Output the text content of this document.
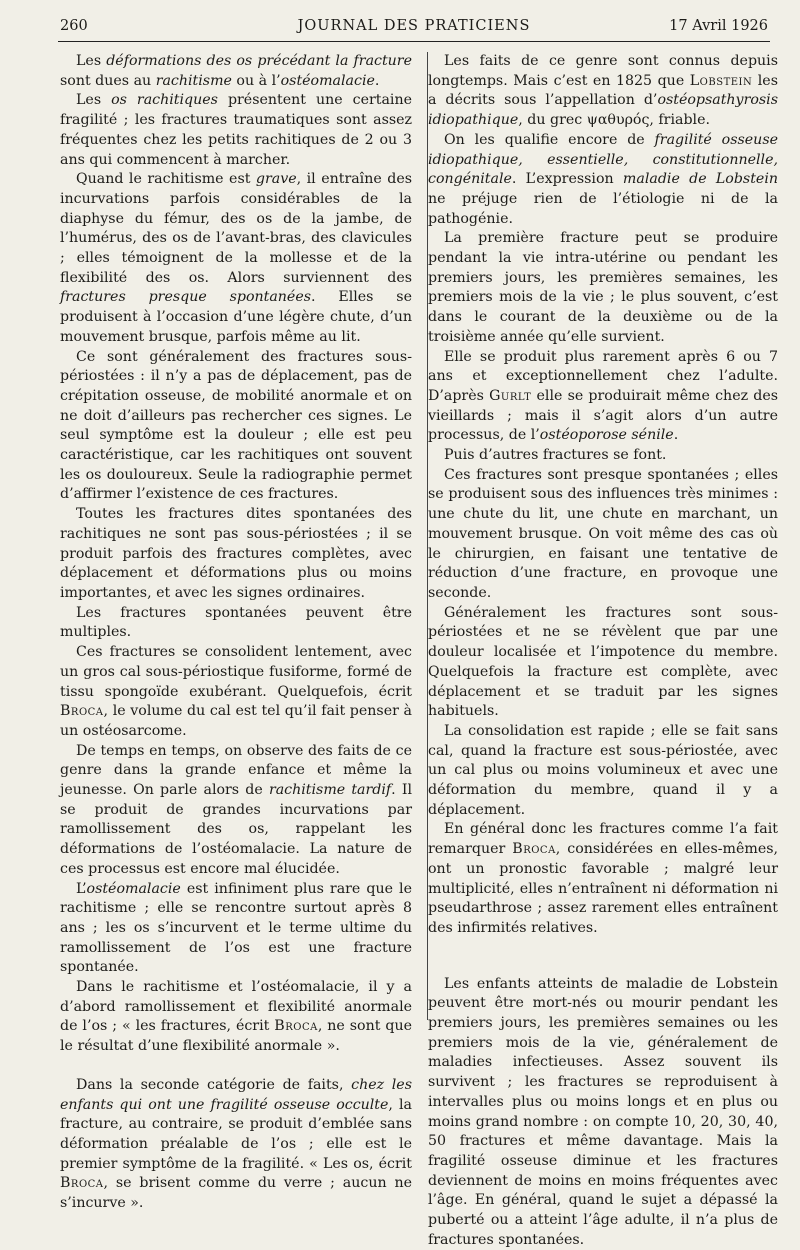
260	JOURNAL DES PRATICIENS	17 Avril 1926

Les déformations des os précédant la fracture sont dues au rachitisme ou à l’ostéomalacie.

Les os rachitiques présentent une certaine fragilité ; les fractures traumatiques sont assez fréquentes chez les petits rachitiques de 2 ou 3 ans qui commencent à marcher.

Quand le rachitisme est grave, il entraîne des incurvations parfois considérables de la diaphyse du fémur, des os de la jambe, de l’humérus, des os de l’avant-bras, des clavicules ; elles témoignent de la mollesse et de la flexibilité des os. Alors surviennent des fractures presque spontanées. Elles se produisent à l’occasion d’une légère chute, d’un mouvement brusque, parfois même au lit.

Ce sont généralement des fractures sous-périostées : il n’y a pas de déplacement, pas de crépitation osseuse, de mobilité anormale et on ne doit d’ailleurs pas rechercher ces signes. Le seul symptôme est la douleur ; elle est peu caractéristique, car les rachitiques ont souvent les os douloureux. Seule la radiographie permet d’affirmer l’existence de ces fractures.

Toutes les fractures dites spontanées des rachitiques ne sont pas sous-périostées ; il se produit parfois des fractures complètes, avec déplacement et déformations plus ou moins importantes, et avec les signes ordinaires.

Les fractures spontanées peuvent être multiples.

Ces fractures se consolident lentement, avec un gros cal sous-périostique fusiforme, formé de tissu spongoïde exubérant. Quelquefois, écrit Broca, le volume du cal est tel qu’il fait penser à un ostéosarcome.

De temps en temps, on observe des faits de ce genre dans la grande enfance et même la jeunesse. On parle alors de rachitisme tardif. Il se produit de grandes incurvations par ramollissement des os, rappelant les déformations de l’ostéomalacie. La nature de ces processus est encore mal élucidée.

L’ostéomalacie est infiniment plus rare que le rachitisme ; elle se rencontre surtout après 8 ans ; les os s’incurvent et le terme ultime du ramollissement de l’os est une fracture spontanée.

Dans le rachitisme et l’ostéomalacie, il y a d’abord ramollissement et flexibilité anormale de l’os ; « les fractures, écrit Broca, ne sont que le résultat d’une flexibilité anormale ».

Dans la seconde catégorie de faits, chez les enfants qui ont une fragilité osseuse occulte, la fracture, au contraire, se produit d’emblée sans déformation préalable de l’os ; elle est le premier symptôme de la fragilité. « Les os, écrit Broca, se brisent comme du verre ; aucun ne s’incurve ».

Les faits de ce genre sont connus depuis longtemps. Mais c’est en 1825 que Lobstein les a décrits sous l’appellation d’ostéopsathyrosis idiopathique, du grec ψαθυρός, friable.

On les qualifie encore de fragilité osseuse idiopathique, essentielle, constitutionnelle, congénitale. L’expression maladie de Lobstein ne préjuge rien de l’étiologie ni de la pathogénie.

La première fracture peut se produire pendant la vie intra-utérine ou pendant les premiers jours, les premières semaines, les premiers mois de la vie ; le plus souvent, c’est dans le courant de la deuxième ou de la troisième année qu’elle survient.

Elle se produit plus rarement après 6 ou 7 ans et exceptionnellement chez l’adulte. D’après Gurlt elle se produirait même chez des vieillards ; mais il s’agit alors d’un autre processus, de l’ostéoporose sénile.

Puis d’autres fractures se font.

Ces fractures sont presque spontanées ; elles se produisent sous des influences très minimes : une chute du lit, une chute en marchant, un mouvement brusque. On voit même des cas où le chirurgien, en faisant une tentative de réduction d’une fracture, en provoque une seconde.

Généralement les fractures sont sous-périostées et ne se révèlent que par une douleur localisée et l’impotence du membre. Quelquefois la fracture est complète, avec déplacement et se traduit par les signes habituels.

La consolidation est rapide ; elle se fait sans cal, quand la fracture est sous-périostée, avec un cal plus ou moins volumineux et avec une déformation du membre, quand il y a déplacement.

En général donc les fractures comme l’a fait remarquer Broca, considérées en elles-mêmes, ont un pronostic favorable ; malgré leur multiplicité, elles n’entraînent ni déformation ni pseudarthrose ; assez rarement elles entraînent des infirmités relatives.

Les enfants atteints de maladie de Lobstein peuvent être mort-nés ou mourir pendant les premiers jours, les premières semaines ou les premiers mois de la vie, généralement de maladies infectieuses. Assez souvent ils survivent ; les fractures se reproduisent à intervalles plus ou moins longs et en plus ou moins grand nombre : on compte 10, 20, 30, 40, 50 fractures et même davantage. Mais la fragilité osseuse diminue et les fractures deviennent de moins en moins fréquentes avec l’âge. En général, quand le sujet a dépassé la puberté ou a atteint l’âge adulte, il n’a plus de fractures spontanées.
